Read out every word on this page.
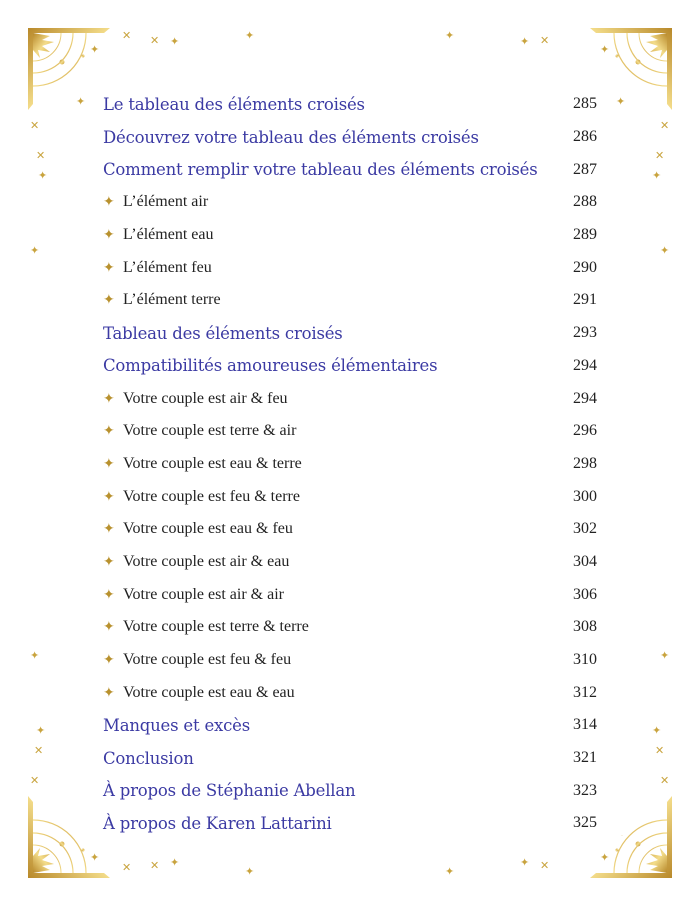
✕ ✕ ✦	✦
✦
✦	✦ ✕
✦
✕
✕
✦
✦
✦
✕
✕
✦
✦
✦
✦
✦
✕
✕
✦
✦
✕
✕
✕ ✕ ✦
✦
✦
✦
✦ ✕
✦
Le tableau des éléments croisés	285
Découvrez votre tableau des éléments croisés	286
Comment remplir votre tableau des éléments croisés 287
✦ L’élément air	288
✦ L’élément eau	289
✦ L’élément feu	290
✦ L’élément terre	291
Tableau des éléments croisés	293
Compatibilités amoureuses élémentaires	294
✦ Votre couple est air & feu	294
✦ Votre couple est terre & air	296
✦ Votre couple est eau & terre	298
✦ Votre couple est feu & terre	300
✦ Votre couple est eau & feu	302
✦ Votre couple est air & eau	304
✦ Votre couple est air & air	306
✦ Votre couple est terre & terre	308
✦ Votre couple est feu & feu	310
✦ Votre couple est eau & eau	312
Manques et excès	314
Conclusion	321
À propos de Stéphanie Abellan	323
À propos de Karen Lattarini	325
